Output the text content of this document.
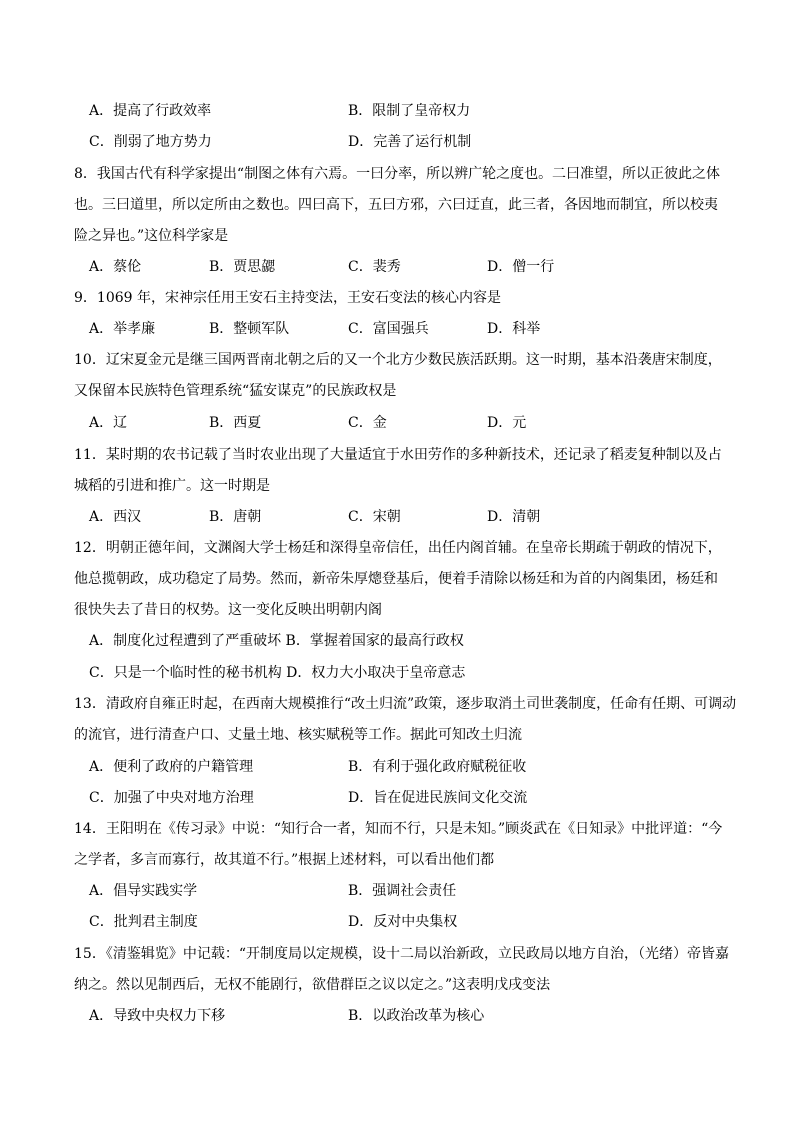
A．提高了行政效率	B．限制了皇帝权力
C．削弱了地方势力	D．完善了运行机制
8．我国古代有科学家提出“制图之体有六焉。一曰分率，所以辨广轮之度也。二曰准望，所以正彼此之体
也。三曰道里，所以定所由之数也。四曰高下，五曰方邪，六曰迂直，此三者，各因地而制宜，所以校夷
险之异也。”这位科学家是
A．蔡伦	B．贾思勰	C．裴秀	D．僧一行
9．1069 年，宋神宗任用王安石主持变法，王安石变法的核心内容是
A．举孝廉	B．整顿军队	C．富国强兵	D．科举
10．辽宋夏金元是继三国两晋南北朝之后的又一个北方少数民族活跃期。这一时期，基本沿袭唐宋制度，
又保留本民族特色管理系统“猛安谋克”的民族政权是
A．辽	B．西夏	C．金	D．元
11．某时期的农书记载了当时农业出现了大量适宜于水田劳作的多种新技术，还记录了稻麦复种制以及占
城稻的引进和推广。这一时期是
A．西汉	B．唐朝	C．宋朝	D．清朝
12．明朝正德年间，文渊阁大学士杨廷和深得皇帝信任，出任内阁首辅。在皇帝长期疏于朝政的情况下，
他总揽朝政，成功稳定了局势。然而，新帝朱厚熜登基后，便着手清除以杨廷和为首的内阁集团，杨廷和
很快失去了昔日的权势。这一变化反映出明朝内阁
A．制度化过程遭到了严重破坏 B．掌握着国家的最高行政权
C．只是一个临时性的秘书机构 D．权力大小取决于皇帝意志
13．清政府自雍正时起，在西南大规模推行“改土归流”政策，逐步取消土司世袭制度，任命有任期、可调动
的流官，进行清查户口、丈量土地、核实赋税等工作。据此可知改土归流
A．便利了政府的户籍管理	B．有利于强化政府赋税征收
C．加强了中央对地方治理	D．旨在促进民族间文化交流
14．王阳明在《传习录》中说：“知行合一者，知而不行，只是未知。”顾炎武在《日知录》中批评道：“今
之学者，多言而寡行，故其道不行。”根据上述材料，可以看出他们都
A．倡导实践实学	B．强调社会责任
C．批判君主制度	D．反对中央集权
15．《清鉴辑览》中记载：“开制度局以定规模，设十二局以治新政，立民政局以地方自治，（光绪）帝皆嘉
纳之。然以见制西后，无权不能剧行，欲借群臣之议以定之。”这表明戊戌变法
A．导致中央权力下移	B．以政治改革为核心
